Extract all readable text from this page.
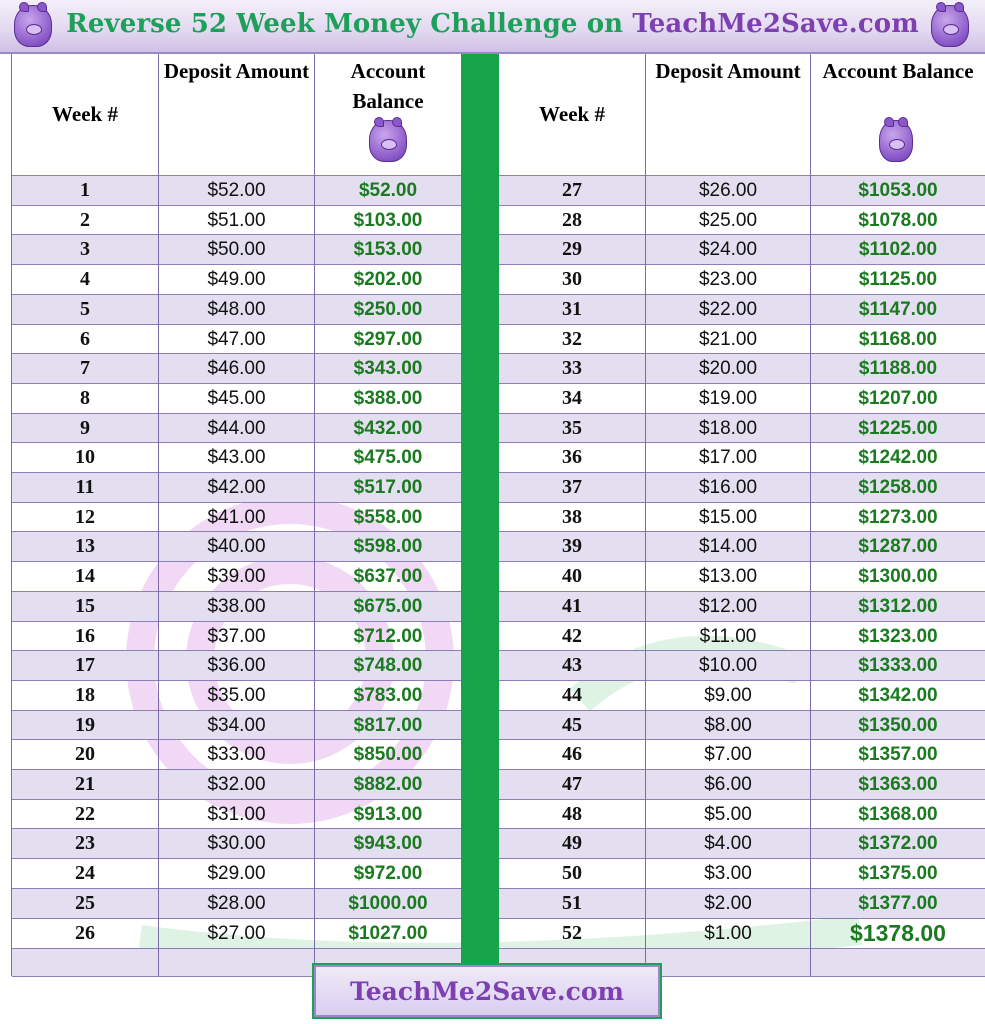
Reverse 52 Week Money Challenge on TeachMe2Save.com
Week #
Deposit Amount	Account Balance
Week #
Deposit Amount	Account Balance
1	$52.00	$52.00
2	$51.00	$103.00
3	$50.00	$153.00
4	$49.00	$202.00
5	$48.00	$250.00
6	$47.00	$297.00
7	$46.00	$343.00
8	$45.00	$388.00
9	$44.00	$432.00
10	$43.00	$475.00
11	$42.00	$517.00
12	$41.00	$558.00
13	$40.00	$598.00
14	$39.00	$637.00
15	$38.00	$675.00
16	$37.00	$712.00
17	$36.00	$748.00
18	$35.00	$783.00
19	$34.00	$817.00
20	$33.00	$850.00
21	$32.00	$882.00
22	$31.00	$913.00
23	$30.00	$943.00
24	$29.00	$972.00
25	$28.00	$1000.00
26	$27.00	$1027.00
27	$26.00	$1053.00
28	$25.00	$1078.00
29	$24.00	$1102.00
30	$23.00	$1125.00
31	$22.00	$1147.00
32	$21.00	$1168.00
33	$20.00	$1188.00
34	$19.00	$1207.00
35	$18.00	$1225.00
36	$17.00	$1242.00
37	$16.00	$1258.00
38	$15.00	$1273.00
39	$14.00	$1287.00
40	$13.00	$1300.00
41	$12.00	$1312.00
42	$11.00	$1323.00
43	$10.00	$1333.00
44	$9.00	$1342.00
45	$8.00	$1350.00
46	$7.00	$1357.00
47	$6.00	$1363.00
48	$5.00	$1368.00
49	$4.00	$1372.00
50	$3.00	$1375.00
51	$2.00	$1377.00
52	$1.00	$1378.00
TeachMe2Save.com
